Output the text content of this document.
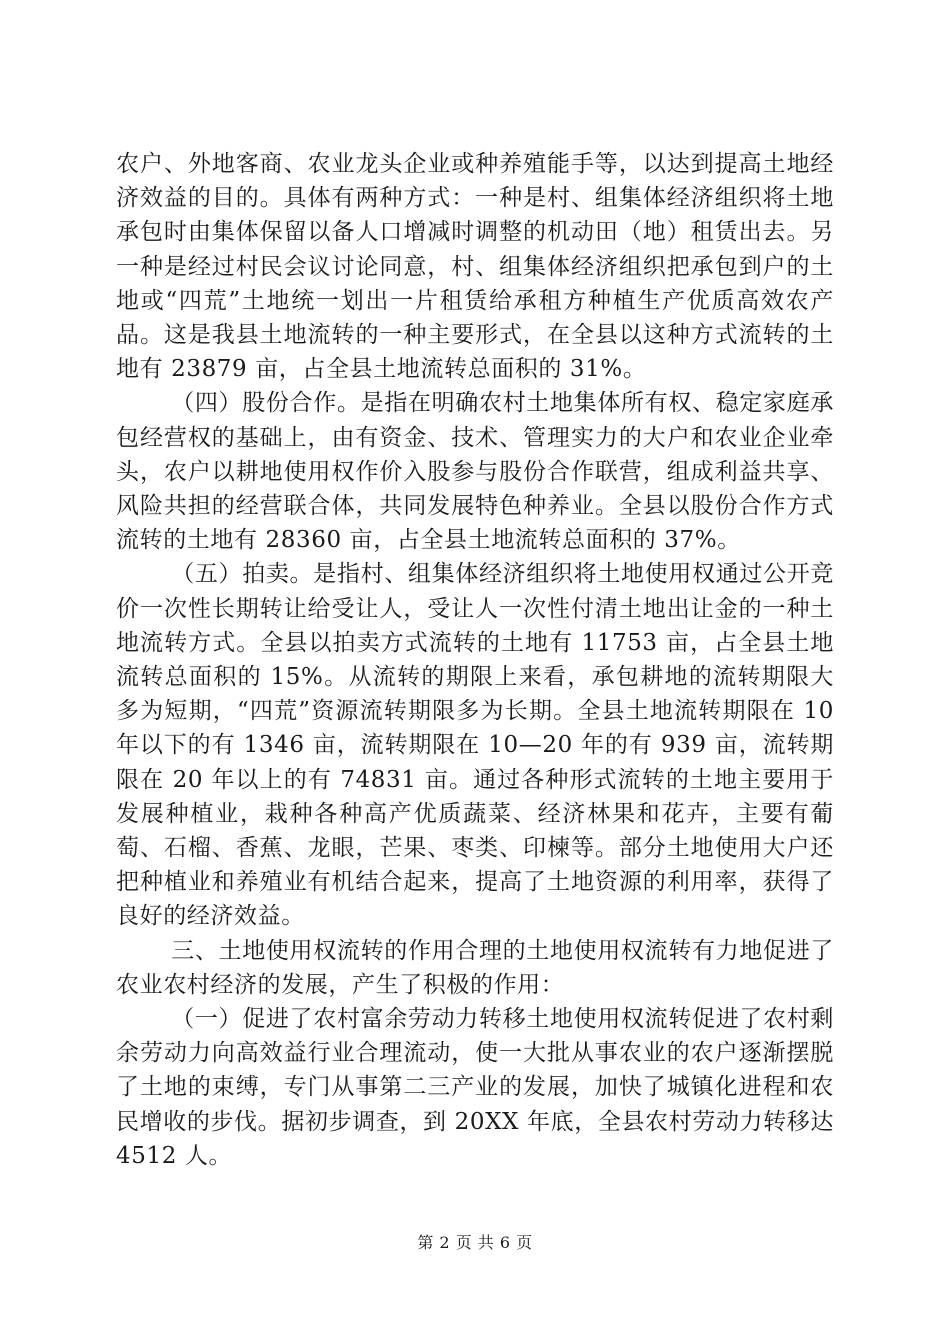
农户、外地客商、农业龙头企业或种养殖能手等，以达到提高土地经济效益的目的。具体有两种方式：一种是村、组集体经济组织将土地承包时由集体保留以备人口增减时调整的机动田（地）租赁出去。另一种是经过村民会议讨论同意，村、组集体经济组织把承包到户的土地或“四荒”土地统一划出一片租赁给承租方种植生产优质高效农产品。这是我县土地流转的一种主要形式，在全县以这种方式流转的土地有 23879 亩，占全县土地流转总面积的 31%。

（四）股份合作。是指在明确农村土地集体所有权、稳定家庭承包经营权的基础上，由有资金、技术、管理实力的大户和农业企业牵头，农户以耕地使用权作价入股参与股份合作联营，组成利益共享、风险共担的经营联合体，共同发展特色种养业。全县以股份合作方式流转的土地有 28360 亩，占全县土地流转总面积的 37%。

（五）拍卖。是指村、组集体经济组织将土地使用权通过公开竞价一次性长期转让给受让人，受让人一次性付清土地出让金的一种土地流转方式。全县以拍卖方式流转的土地有 11753 亩，占全县土地流转总面积的 15%。从流转的期限上来看，承包耕地的流转期限大多为短期，“四荒”资源流转期限多为长期。全县土地流转期限在 10 年以下的有 1346 亩，流转期限在 10—20 年的有 939 亩，流转期限在 20 年以上的有 74831 亩。通过各种形式流转的土地主要用于发展种植业，栽种各种高产优质蔬菜、经济林果和花卉，主要有葡萄、石榴、香蕉、龙眼，芒果、枣类、印楝等。部分土地使用大户还把种植业和养殖业有机结合起来，提高了土地资源的利用率，获得了良好的经济效益。

三、土地使用权流转的作用合理的土地使用权流转有力地促进了农业农村经济的发展，产生了积极的作用：

（一）促进了农村富余劳动力转移土地使用权流转促进了农村剩余劳动力向高效益行业合理流动，使一大批从事农业的农户逐渐摆脱了土地的束缚，专门从事第二三产业的发展，加快了城镇化进程和农民增收的步伐。据初步调查，到 20XX 年底，全县农村劳动力转移达 4512 人。

第 2 页 共 6 页
